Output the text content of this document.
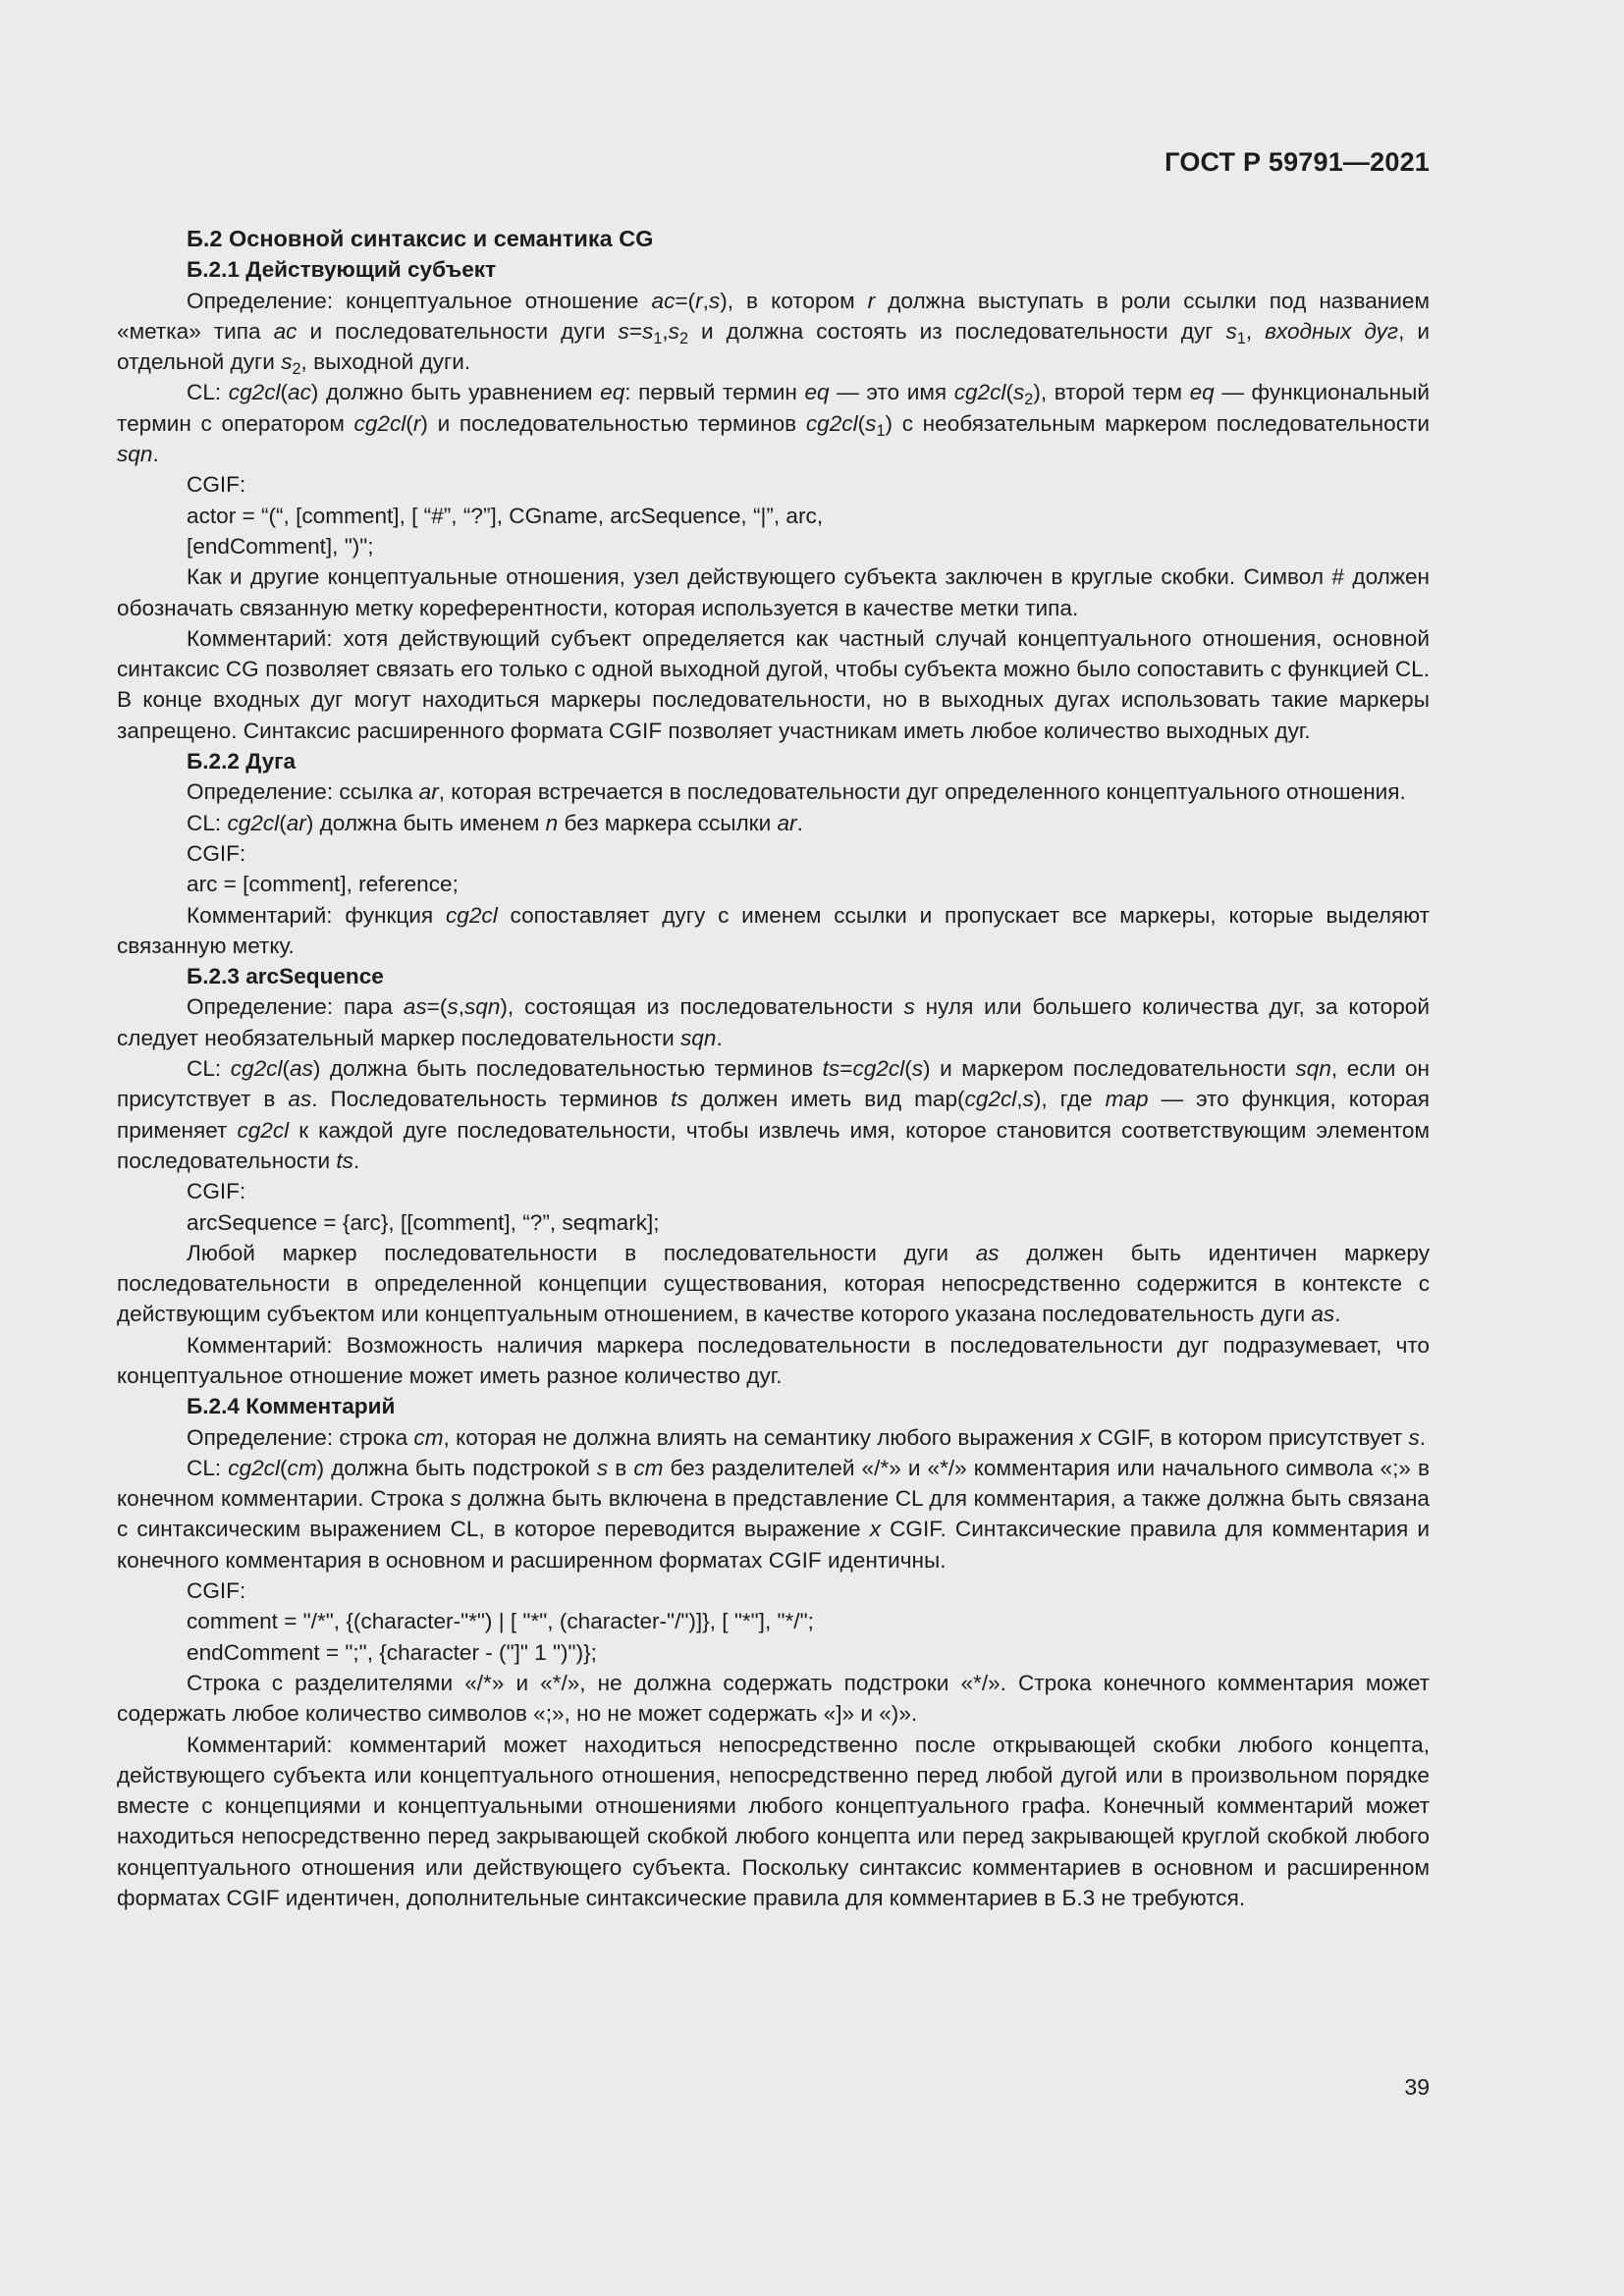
ГОСТ Р 59791—2021

Б.2 Основной синтаксис и семантика CG

Б.2.1 Действующий субъект

Определение: концептуальное отношение ac=(r,s), в котором r должна выступать в роли ссылки под названием «метка» типа ac и последовательности дуги $s=s_1,s_2$ и должна состоять из последовательности дуг $s_1$, входных дуг, и отдельной дуги $s_2$, выходной дуги.

CL: cg2cl(ac) должно быть уравнением eq: первый термин eq — это имя $cg2cl(s_2)$, второй терм eq — функциональный термин с оператором cg2cl(r) и последовательностью терминов $cg2cl(s_1)$ с необязательным маркером последовательности sqn.

CGIF:

actor = “(“, [comment], [ “#”, “?”], CGname, arcSequence, “|”, arc,

[endComment], ")";

Как и другие концептуальные отношения, узел действующего субъекта заключен в круглые скобки. Символ # должен обозначать связанную метку кореферентности, которая используется в качестве метки типа.

Комментарий: хотя действующий субъект определяется как частный случай концептуального отношения, основной синтаксис CG позволяет связать его только с одной выходной дугой, чтобы субъекта можно было сопоставить с функцией CL. В конце входных дуг могут находиться маркеры последовательности, но в выходных дугах использовать такие маркеры запрещено. Синтаксис расширенного формата CGIF позволяет участникам иметь любое количество выходных дуг.

Б.2.2 Дуга

Определение: ссылка ar, которая встречается в последовательности дуг определенного концептуального отношения.

CL: cg2cl(ar) должна быть именем n без маркера ссылки ar.

CGIF:

arc = [comment], reference;

Комментарий: функция cg2cl сопоставляет дугу с именем ссылки и пропускает все маркеры, которые выделяют связанную метку.

Б.2.3 arcSequence

Определение: пара as=(s,sqn), состоящая из последовательности s нуля или большего количества дуг, за которой следует необязательный маркер последовательности sqn.

CL: cg2cl(as) должна быть последовательностью терминов ts=cg2cl(s) и маркером последовательности sqn, если он присутствует в as. Последовательность терминов ts должен иметь вид map(cg2cl,s), где map — это функция, которая применяет cg2cl к каждой дуге последовательности, чтобы извлечь имя, которое становится соответствующим элементом последовательности ts.

CGIF:

arcSequence = {arc}, [[comment], “?”, seqmark];

Любой маркер последовательности в последовательности дуги as должен быть идентичен маркеру последовательности в определенной концепции существования, которая непосредственно содержится в контексте с действующим субъектом или концептуальным отношением, в качестве которого указана последовательность дуги as.

Комментарий: Возможность наличия маркера последовательности в последовательности дуг подразумевает, что концептуальное отношение может иметь разное количество дуг.

Б.2.4 Комментарий

Определение: строка cm, которая не должна влиять на семантику любого выражения x CGIF, в котором присутствует s.

CL: cg2cl(cm) должна быть подстрокой s в cm без разделителей «/*» и «*/» комментария или начального символа «;» в конечном комментарии. Строка s должна быть включена в представление CL для комментария, а также должна быть связана с синтаксическим выражением CL, в которое переводится выражение x CGIF. Синтаксические правила для комментария и конечного комментария в основном и расширенном форматах CGIF идентичны.

CGIF:

comment = "/*", {(character-"*") | [ "*", (character-"/")]}, [ "*"], "*/";

endComment = ";", {character - ("]" 1 ")")};

Строка с разделителями «/*» и «*/», не должна содержать подстроки «*/». Строка конечного комментария может содержать любое количество символов «;», но не может содержать «]» и «)».

Комментарий: комментарий может находиться непосредственно после открывающей скобки любого концепта, действующего субъекта или концептуального отношения, непосредственно перед любой дугой или в произвольном порядке вместе с концепциями и концептуальными отношениями любого концептуального графа. Конечный комментарий может находиться непосредственно перед закрывающей скобкой любого концепта или перед закрывающей круглой скобкой любого концептуального отношения или действующего субъекта. Поскольку синтаксис комментариев в основном и расширенном форматах CGIF идентичен, дополнительные синтаксические правила для комментариев в Б.3 не требуются.

39
